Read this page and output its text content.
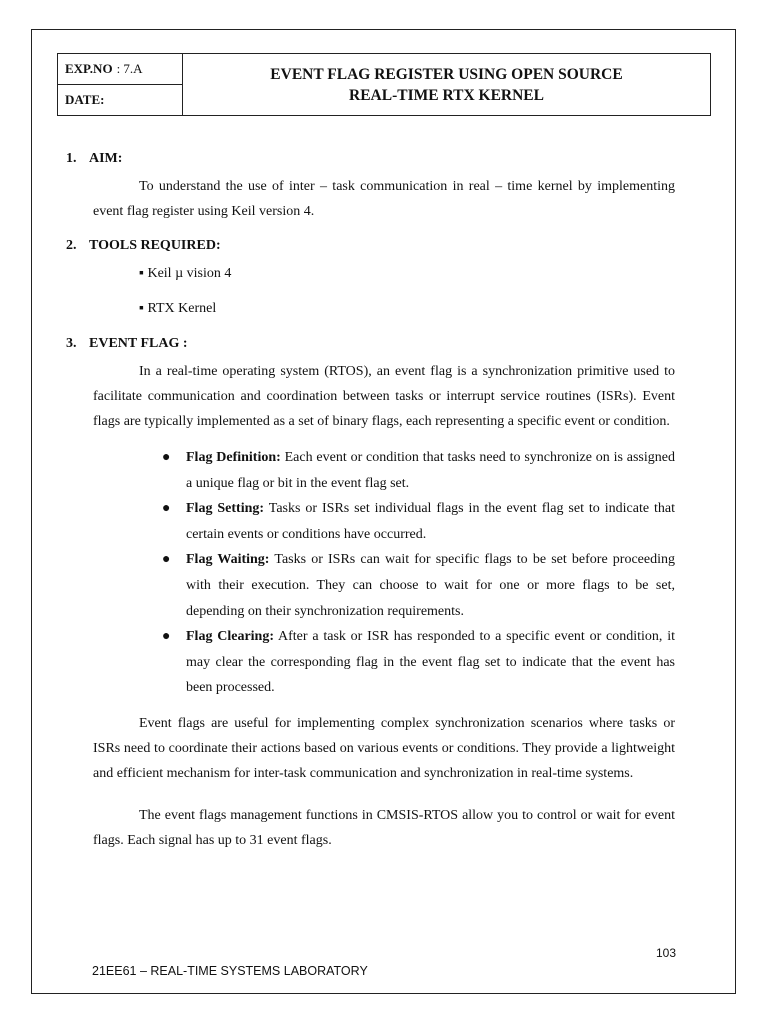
EXP.NO : 7.A
DATE:
EVENT FLAG REGISTER USING OPEN SOURCE
REAL-TIME RTX KERNEL
1. AIM:
To understand the use of inter – task communication in real – time kernel by implementing event flag register using Keil version 4.
2. TOOLS REQUIRED:
▪ Keil µ vision 4
▪ RTX Kernel
3. EVENT FLAG :
In a real-time operating system (RTOS), an event flag is a synchronization primitive used to facilitate communication and coordination between tasks or interrupt service routines (ISRs). Event flags are typically implemented as a set of binary flags, each representing a specific event or condition.
● Flag Definition: Each event or condition that tasks need to synchronize on is assigned a unique flag or bit in the event flag set.
● Flag Setting: Tasks or ISRs set individual flags in the event flag set to indicate that certain events or conditions have occurred.
● Flag Waiting: Tasks or ISRs can wait for specific flags to be set before proceeding with their execution. They can choose to wait for one or more flags to be set, depending on their synchronization requirements.
● Flag Clearing: After a task or ISR has responded to a specific event or condition, it may clear the corresponding flag in the event flag set to indicate that the event has been processed.
Event flags are useful for implementing complex synchronization scenarios where tasks or ISRs need to coordinate their actions based on various events or conditions. They provide a lightweight and efficient mechanism for inter-task communication and synchronization in real-time systems.
The event flags management functions in CMSIS-RTOS allow you to control or wait for event flags. Each signal has up to 31 event flags.
103
21EE61 – REAL-TIME SYSTEMS LABORATORY
